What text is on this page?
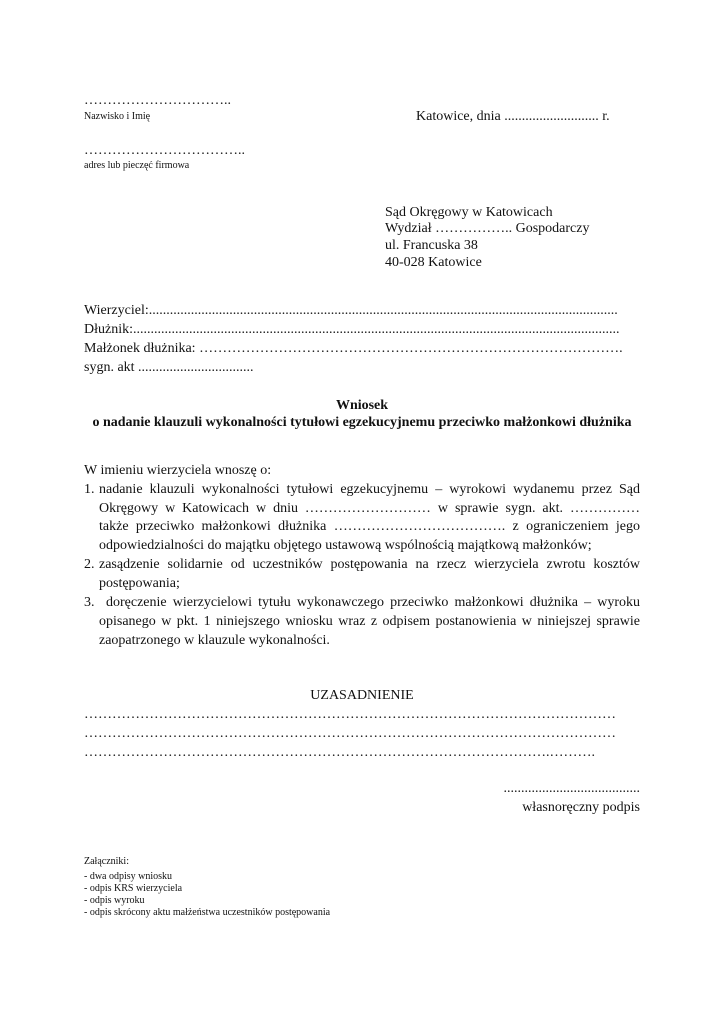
…………………………..
Nazwisko i Imię	Katowice, dnia ........................... r.
……………………………..
adres lub pieczęć firmowa
Sąd Okręgowy w Katowicach
Wydział …………….. Gospodarczy
ul. Francuska 38
40-028 Katowice
Wierzyciel:......................................................................................................................................
Dłużnik:...........................................................................................................................................
Małżonek dłużnika: ……………………………………………………………………………….
sygn. akt .................................
Wniosek
o nadanie klauzuli wykonalności tytułowi egzekucyjnemu przeciwko małżonkowi dłużnika
W imieniu wierzyciela wnoszę o:
1. nadanie klauzuli wykonalności tytułowi egzekucyjnemu – wyrokowi wydanemu przez Sąd
Okręgowy w Katowicach w dniu ……………………… w sprawie sygn. akt. ……………
także przeciwko małżonkowi dłużnika ………………………………. z ograniczeniem jego
odpowiedzialności do majątku objętego ustawową wspólnością majątkową małżonków;
2. zasądzenie solidarnie od uczestników postępowania na rzecz wierzyciela zwrotu kosztów
postępowania;
3. doręczenie wierzycielowi tytułu wykonawczego przeciwko małżonkowi dłużnika – wyroku
opisanego w pkt. 1 niniejszego wniosku wraz z odpisem postanowienia w niniejszej sprawie
zaopatrzonego w klauzule wykonalności.
UZASADNIENIE
……………………………………………………………………………………………………
……………………………………………………………………………………………………
……………………………………………………………………………………….……….
.......................................
własnoręczny podpis
Załączniki:
- dwa odpisy wniosku
- odpis KRS wierzyciela
- odpis wyroku
- odpis skrócony aktu małżeństwa uczestników postępowania
